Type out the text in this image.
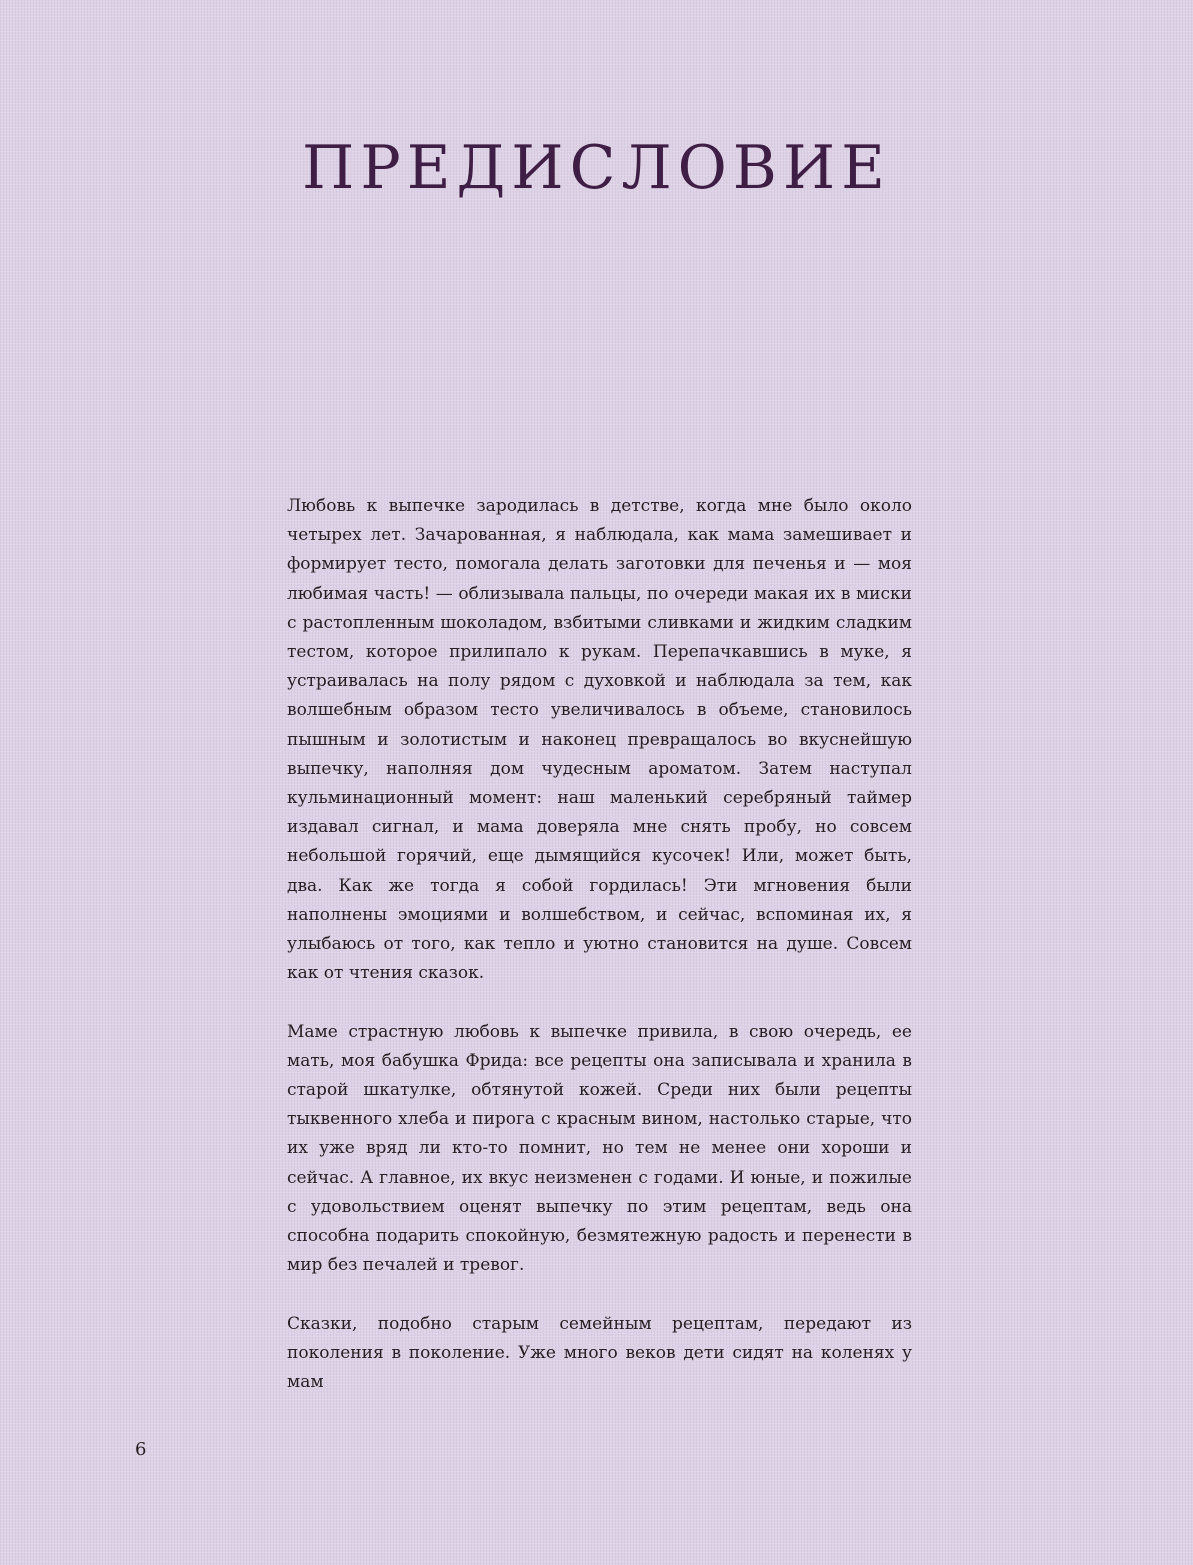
ПРЕДИСЛОВИЕ

Любовь к выпечке зародилась в детстве, когда мне было около четырех лет. Зачарованная, я наблюдала, как мама замешивает и формирует тесто, помогала делать заготовки для печенья и — моя любимая часть! — облизывала пальцы, по очереди макая их в миски с растопленным шоколадом, взбитыми сливками и жидким сладким тестом, которое прилипало к рукам. Перепачкавшись в муке, я устраивалась на полу рядом с духовкой и наблюдала за тем, как волшебным образом тесто увеличивалось в объеме, становилось пышным и золотистым и наконец превращалось во вкуснейшую выпечку, наполняя дом чудесным ароматом. Затем наступал кульминационный момент: наш маленький серебряный таймер издавал сигнал, и мама доверяла мне снять пробу, но совсем небольшой горячий, еще дымящийся кусочек! Или, может быть, два. Как же тогда я собой гордилась! Эти мгновения были наполнены эмоциями и волшебством, и сейчас, вспоминая их, я улыбаюсь от того, как тепло и уютно становится на душе. Совсем как от чтения сказок.

Маме страстную любовь к выпечке привила, в свою очередь, ее мать, моя бабушка Фрида: все рецепты она записывала и хранила в старой шкатулке, обтянутой кожей. Среди них были рецепты тыквенного хлеба и пирога с красным вином, настолько старые, что их уже вряд ли кто-то помнит, но тем не менее они хороши и сейчас. А главное, их вкус неизменен с годами. И юные, и пожилые с удовольствием оценят выпечку по этим рецептам, ведь она способна подарить спокойную, безмятежную радость и перенести в мир без печалей и тревог.

Сказки, подобно старым семейным рецептам, передают из поколения в поколение. Уже много веков дети сидят на коленях у мам

6
